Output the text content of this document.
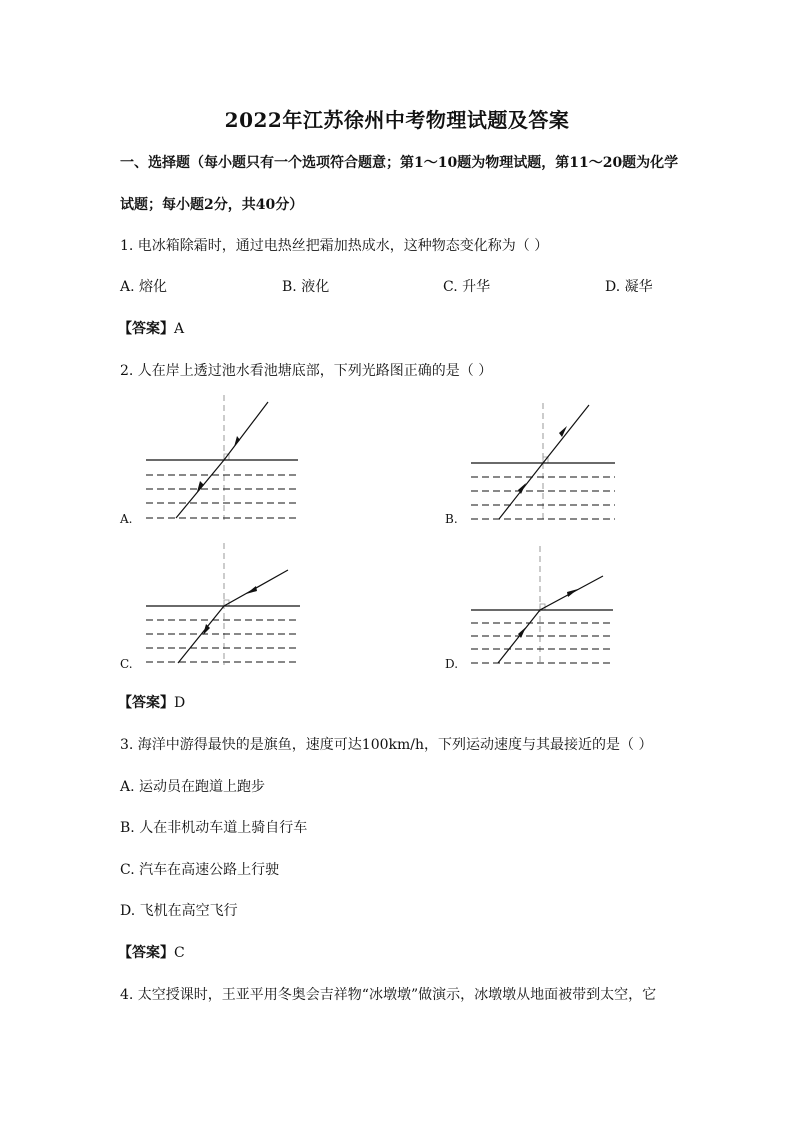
2022年江苏徐州中考物理试题及答案
一、选择题（每小题只有一个选项符合题意；第1～10题为物理试题，第11～20题为化学
试题；每小题2分，共40分）
1. 电冰箱除霜时，通过电热丝把霜加热成水，这种物态变化称为（ ）
A. 熔化	B. 液化	C. 升华	D. 凝华
【答案】A
2. 人在岸上透过池水看池塘底部，下列光路图正确的是（ ）
A.	B.
C.	D.
【答案】D
3. 海洋中游得最快的是旗鱼，速度可达100km/h，下列运动速度与其最接近的是（ ）
A. 运动员在跑道上跑步
B. 人在非机动车道上骑自行车
C. 汽车在高速公路上行驶
D. 飞机在高空飞行
【答案】C
4. 太空授课时，王亚平用冬奥会吉祥物“冰墩墩”做演示，冰墩墩从地面被带到太空，它
